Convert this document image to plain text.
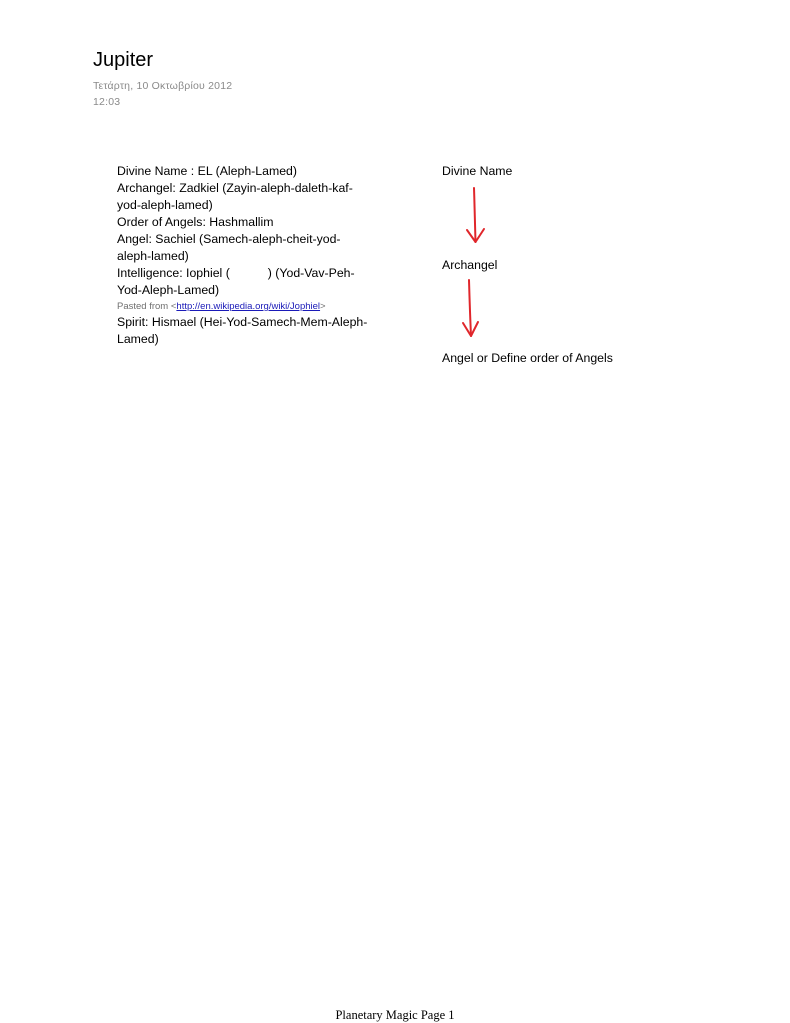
Jupiter
Τετάρτη, 10 Οκτωβρίου 2012
12:03
Divine Name : EL (Aleph-Lamed)
Archangel: Zadkiel (Zayin-aleph-daleth-kaf-
yod-aleph-lamed)
Order of Angels: Hashmallim
Angel: Sachiel (Samech-aleph-cheit-yod-
aleph-lamed)
Intelligence: Iophiel (	) (Yod-Vav-Peh-
Yod-Aleph-Lamed)
Pasted from <http://en.wikipedia.org/wiki/Jophiel>
Spirit: Hismael (Hei-Yod-Samech-Mem-Aleph-
Lamed)
Divine Name
Archangel
Angel or Define order of Angels
Planetary Magic Page 1
